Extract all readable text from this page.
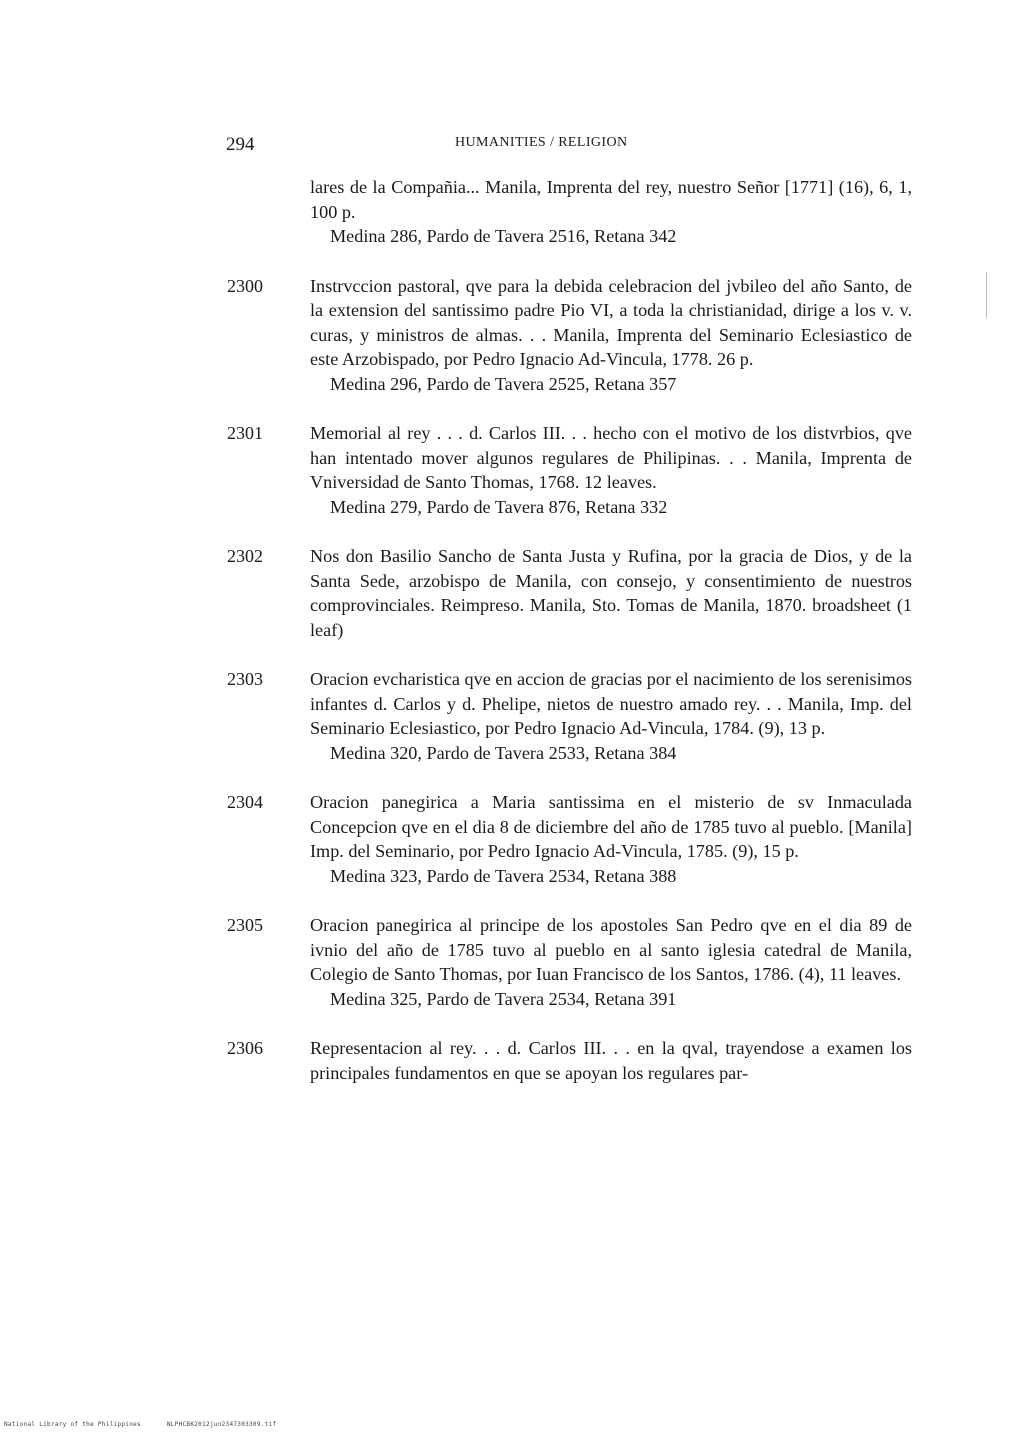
294	HUMANITIES / RELIGION

lares de la Compañia... Manila, Imprenta del rey, nuestro Señor [1771] (16), 6, 1, 100 p.

Medina 286, Pardo de Tavera 2516, Retana 342

2300	Instrvccion pastoral, qve para la debida celebracion del jvbileo del año Santo, de la extension del santissimo padre Pio VI, a toda la christianidad, dirige a los v. v. curas, y ministros de almas. . . Manila, Imprenta del Seminario Eclesiastico de este Arzobispado, por Pedro Ignacio Ad-Vincula, 1778. 26 p.

Medina 296, Pardo de Tavera 2525, Retana 357

2301	Memorial al rey . . . d. Carlos III. . . hecho con el motivo de los distvrbios, qve han intentado mover algunos regulares de Philipinas. . . Manila, Imprenta de Vniversidad de Santo Thomas, 1768. 12 leaves.

Medina 279, Pardo de Tavera 876, Retana 332

2302	Nos don Basilio Sancho de Santa Justa y Rufina, por la gracia de Dios, y de la Santa Sede, arzobispo de Manila, con consejo, y consentimiento de nuestros comprovinciales. Reimpreso. Manila, Sto. Tomas de Manila, 1870. broadsheet (1 leaf)

2303	Oracion evcharistica qve en accion de gracias por el nacimiento de los serenisimos infantes d. Carlos y d. Phelipe, nietos de nuestro amado rey. . . Manila, Imp. del Seminario Eclesiastico, por Pedro Ignacio Ad-Vincula, 1784. (9), 13 p.

Medina 320, Pardo de Tavera 2533, Retana 384

2304	Oracion panegirica a Maria santissima en el misterio de sv Inmaculada Concepcion qve en el dia 8 de diciembre del año de 1785 tuvo al pueblo. [Manila] Imp. del Seminario, por Pedro Ignacio Ad-Vincula, 1785. (9), 15 p.

Medina 323, Pardo de Tavera 2534, Retana 388

2305	Oracion panegirica al principe de los apostoles San Pedro qve en el dia 89 de ivnio del año de 1785 tuvo al pueblo en al santo iglesia catedral de Manila, Colegio de Santo Thomas, por Iuan Francisco de los Santos, 1786. (4), 11 leaves.

Medina 325, Pardo de Tavera 2534, Retana 391

2306	Representacion al rey. . . d. Carlos III. . . en la qval, trayendose a examen los principales fundamentos en que se apoyan los regulares par-

National Library of the Philippines	NLPHCBK2012jun2347303309.tif
